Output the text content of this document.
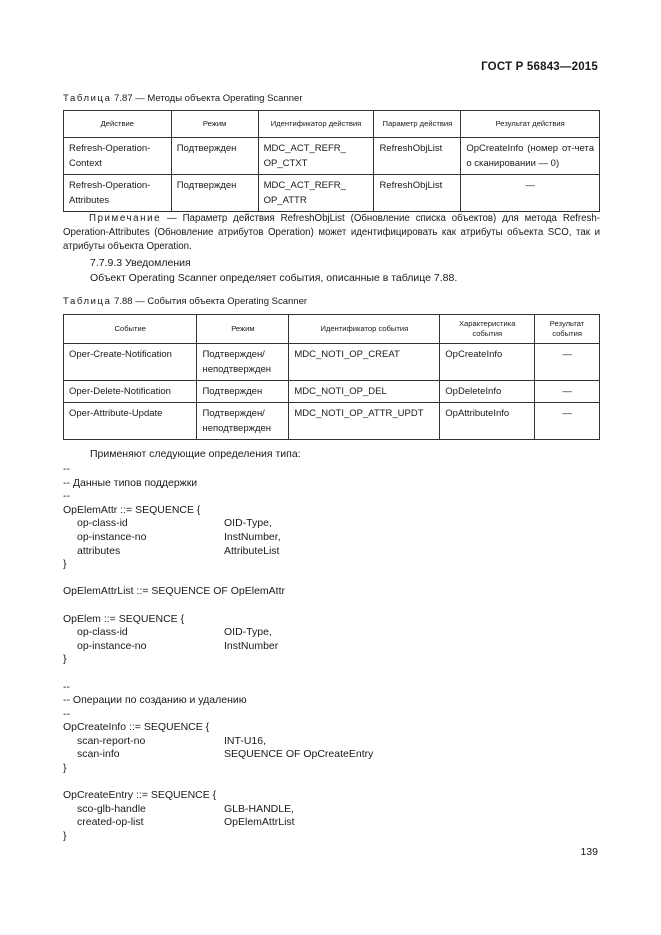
ГОСТ Р 56843—2015
Таблица 7.87 — Методы объекта Operating Scanner
Действие	Режим	Идентификатор действия	Параметр действия	Результат действия
Refresh-Operation-Context	Подтвержден	MDC_ACT_REFR_ OP_CTXT	RefreshObjList	OpCreateInfo (номер от-чета о сканировании — 0)
Refresh-Operation-Attributes	Подтвержден	MDC_ACT_REFR_ OP_ATTR	RefreshObjList	—
Примечание — Параметр действия RefreshObjList (Обновление списка объектов) для метода Refresh-Operation-Attributes (Обновление атрибутов Operation) может идентифицировать как атрибуты объекта SCO, так и атрибуты объекта Operation.
7.7.9.3 Уведомления
Объект Operating Scanner определяет события, описанные в таблице 7.88.
Таблица 7.88 — События объекта Operating Scanner
Событие	Режим	Идентификатор события	Характеристика события	Результат события
Oper-Create-Notification	Подтвержден/ неподтвержден	MDC_NOTI_OP_CREAT	OpCreateInfo	—
Oper-Delete-Notification	Подтвержден	MDC_NOTI_OP_DEL	OpDeleteInfo	—
Oper-Attribute-Update	Подтвержден/ неподтвержден	MDC_NOTI_OP_ATTR_UPDT	OpAttributeInfo	—
Применяют следующие определения типа:
--
-- Данные типов поддержки
--
OpElemAttr ::= SEQUENCE {
op-class-id	OID-Type,
op-instance-no	InstNumber,
attributes	AttributeList
}
OpElemAttrList ::= SEQUENCE OF OpElemAttr
OpElem ::= SEQUENCE {
op-class-id	OID-Type,
op-instance-no	InstNumber
}
--
-- Операции по созданию и удалению
--
OpCreateInfo ::= SEQUENCE {
scan-report-no	INT-U16,
scan-info	SEQUENCE OF OpCreateEntry
}
OpCreateEntry ::= SEQUENCE {
sco-glb-handle	GLB-HANDLE,
created-op-list	OpElemAttrList
}
139
